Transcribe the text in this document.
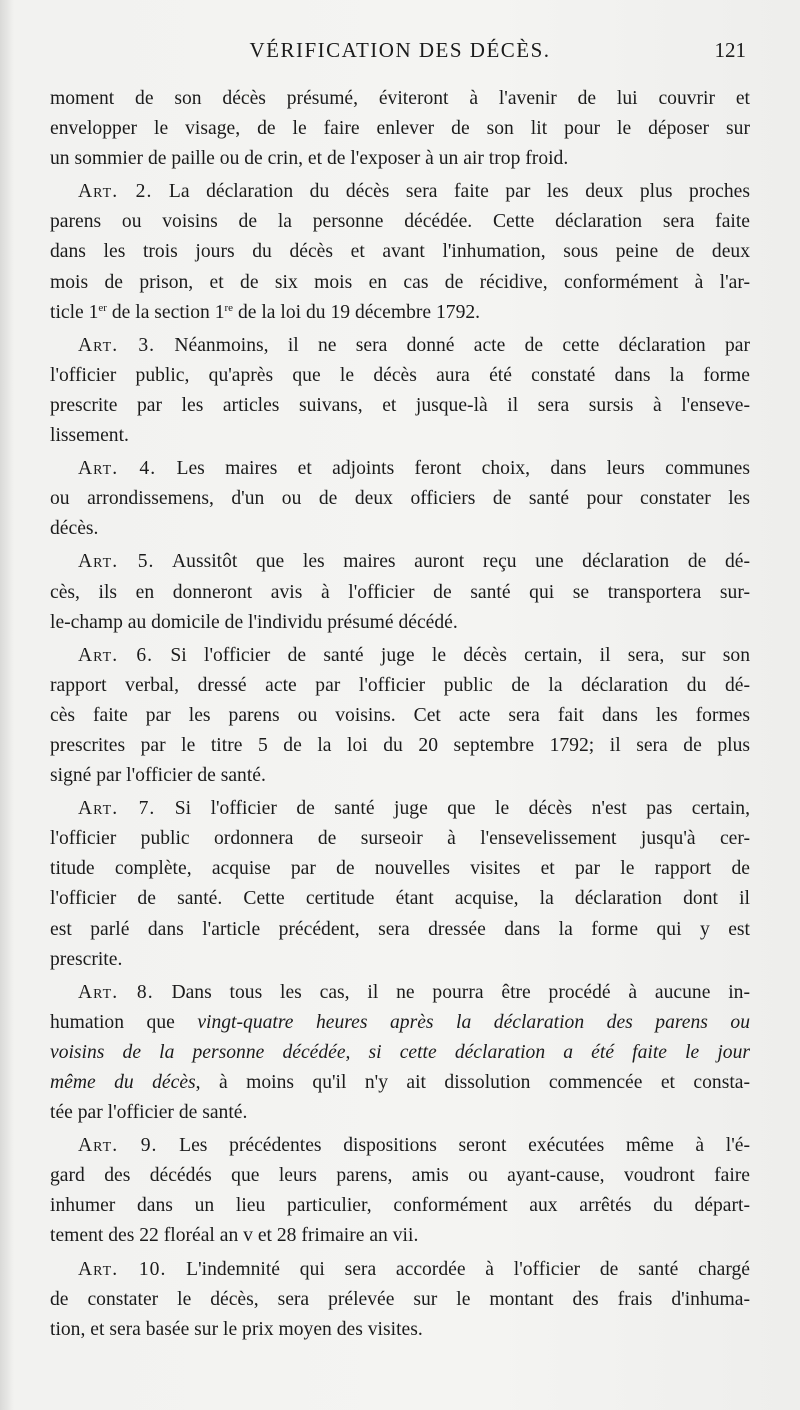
VÉRIFICATION DES DÉCÈS.	121
moment de son décès présumé, éviteront à l'avenir de lui couvrir et
envelopper le visage, de le faire enlever de son lit pour le déposer sur
un sommier de paille ou de crin, et de l'exposer à un air trop froid.
Art. 2. La déclaration du décès sera faite par les deux plus proches
parens ou voisins de la personne décédée. Cette déclaration sera faite
dans les trois jours du décès et avant l'inhumation, sous peine de deux
mois de prison, et de six mois en cas de récidive, conformément à l'ar-
ticle 1er de la section 1re de la loi du 19 décembre 1792.
Art. 3. Néanmoins, il ne sera donné acte de cette déclaration par
l'officier public, qu'après que le décès aura été constaté dans la forme
prescrite par les articles suivans, et jusque-là il sera sursis à l'enseve-
lissement.
Art. 4. Les maires et adjoints feront choix, dans leurs communes
ou arrondissemens, d'un ou de deux officiers de santé pour constater les
décès.
Art. 5. Aussitôt que les maires auront reçu une déclaration de dé-
cès, ils en donneront avis à l'officier de santé qui se transportera sur-
le-champ au domicile de l'individu présumé décédé.
Art. 6. Si l'officier de santé juge le décès certain, il sera, sur son
rapport verbal, dressé acte par l'officier public de la déclaration du dé-
cès faite par les parens ou voisins. Cet acte sera fait dans les formes
prescrites par le titre 5 de la loi du 20 septembre 1792; il sera de plus
signé par l'officier de santé.
Art. 7. Si l'officier de santé juge que le décès n'est pas certain,
l'officier public ordonnera de surseoir à l'ensevelissement jusqu'à cer-
titude complète, acquise par de nouvelles visites et par le rapport de
l'officier de santé. Cette certitude étant acquise, la déclaration dont il
est parlé dans l'article précédent, sera dressée dans la forme qui y est
prescrite.
Art. 8. Dans tous les cas, il ne pourra être procédé à aucune in-
humation que vingt-quatre heures après la déclaration des parens ou
voisins de la personne décédée, si cette déclaration a été faite le jour
même du décès, à moins qu'il n'y ait dissolution commencée et consta-
tée par l'officier de santé.
Art. 9. Les précédentes dispositions seront exécutées même à l'é-
gard des décédés que leurs parens, amis ou ayant-cause, voudront faire
inhumer dans un lieu particulier, conformément aux arrêtés du départ-
tement des 22 floréal an v et 28 frimaire an vii.
Art. 10. L'indemnité qui sera accordée à l'officier de santé chargé
de constater le décès, sera prélevée sur le montant des frais d'inhuma-
tion, et sera basée sur le prix moyen des visites.
